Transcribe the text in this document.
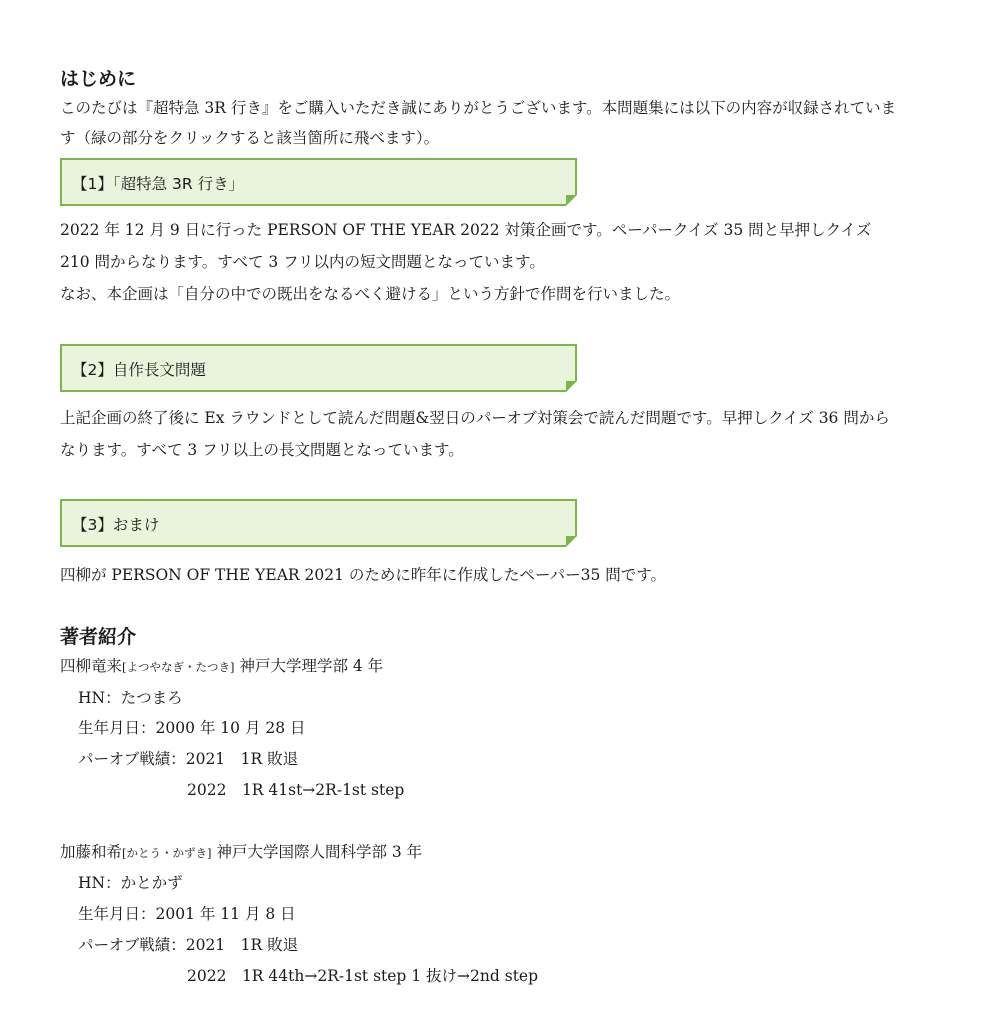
はじめに
このたびは『超特急 3R 行き』をご購入いただき誠にありがとうございます。本問題集には以下の内容が収録されていま
す（緑の部分をクリックすると該当箇所に飛べます）。
【1】「超特急 3R 行き」
2022 年 12 月 9 日に行った PERSON OF THE YEAR 2022 対策企画です。ペーパークイズ 35 問と早押しクイズ
210 問からなります。すべて 3 フリ以内の短文問題となっています。
なお、本企画は「自分の中での既出をなるべく避ける」という方針で作問を行いました。
【2】自作長文問題
上記企画の終了後に Ex ラウンドとして読んだ問題&翌日のパーオブ対策会で読んだ問題です。早押しクイズ 36 問から
なります。すべて 3 フリ以上の長文問題となっています。
【3】おまけ
四柳が PERSON OF THE YEAR 2021 のために昨年に作成したペーパー35 問です。
著者紹介
四柳竜来[よつやなぎ・たつき] 神戸大学理学部 4 年
HN：たつまろ
生年月日：2000 年 10 月 28 日
パーオブ戦績：2021　1R 敗退
2022　1R 41st→2R-1st step
加藤和希[かとう・かずき] 神戸大学国際人間科学部 3 年
HN：かとかず
生年月日：2001 年 11 月 8 日
パーオブ戦績：2021　1R 敗退
2022　1R 44th→2R-1st step 1 抜け→2nd step
